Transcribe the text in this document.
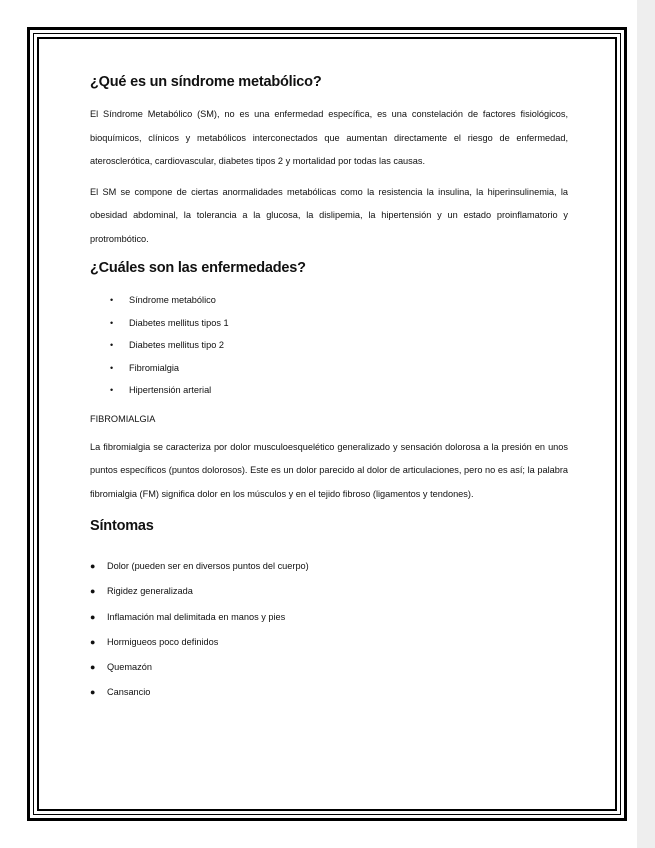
¿Qué es un síndrome metabólico?

El Síndrome Metabólico (SM), no es una enfermedad específica, es una constelación de factores fisiológicos, bioquímicos, clínicos y metabólicos interconectados que aumentan directamente el riesgo de enfermedad, aterosclerótica, cardiovascular, diabetes tipos 2 y mortalidad por todas las causas.

El SM se compone de ciertas anormalidades metabólicas como la resistencia la insulina, la hiperinsulinemia, la obesidad abdominal, la tolerancia a la glucosa, la dislipemia, la hipertensión y un estado proinflamatorio y protrombótico.

¿Cuáles son las enfermedades?
• Síndrome metabólico
• Diabetes mellitus tipos 1
• Diabetes mellitus tipo 2
• Fibromialgia
• Hipertensión arterial
FIBROMIALGIA

La fibromialgia se caracteriza por dolor musculoesquelético generalizado y sensación dolorosa a la presión en unos puntos específicos (puntos dolorosos). Este es un dolor parecido al dolor de articulaciones, pero no es así; la palabra fibromialgia (FM) significa dolor en los músculos y en el tejido fibroso (ligamentos y tendones).

Síntomas
● Dolor (pueden ser en diversos puntos del cuerpo)
● Rigidez generalizada
● Inflamación mal delimitada en manos y pies
● Hormigueos poco definidos
● Quemazón
● Cansancio
